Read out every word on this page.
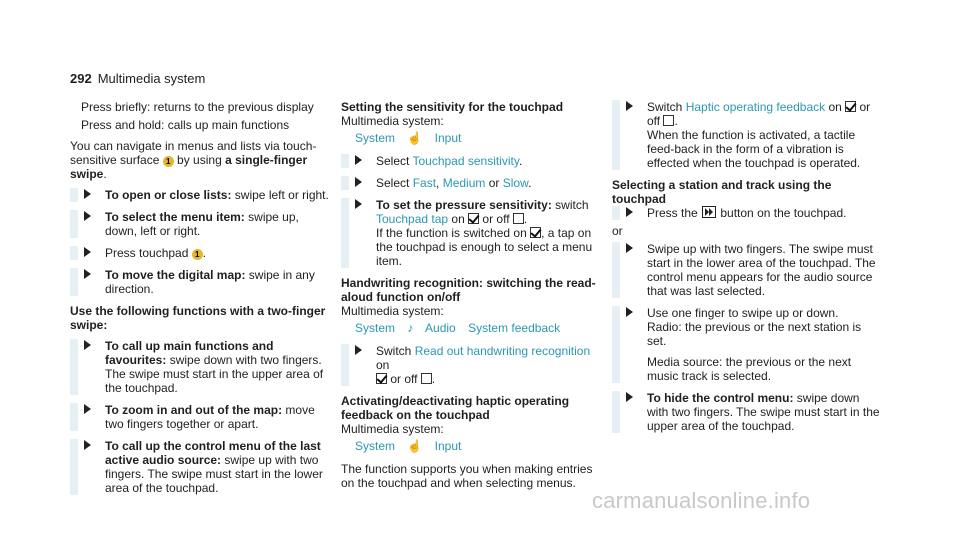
292 Multimedia system

Press briefly: returns to the previous display

Press and hold: calls up main functions

You can navigate in menus and lists via touch-sensitive surface 1 by using a single-finger swipe.

To open or close lists: swipe left or right.
To select the menu item: swipe up, down, left or right.
Press touchpad 1 .
To move the digital map: swipe in any direction.

Use the following functions with a two-finger swipe:

To call up main functions and favourites: swipe down with two fingers. The swipe must start in the upper area of the touchpad.
To zoom in and out of the map: move two fingers together or apart.
To call up the control menu of the last active audio source: swipe up with two fingers. The swipe must start in the lower area of the touchpad.

Setting the sensitivity for the touchpad

Multimedia system:

System ☝ Input
Select Touchpad sensitivity.
Select Fast, Medium or Slow.
To set the pressure sensitivity: switch Touchpad tap on  or off .
If the function is switched on , a tap on the touchpad is enough to select a menu item.

Handwriting recognition: switching the read-aloud function on/off

Multimedia system:

System ♪ Audio System feedback
Switch Read out handwriting recognition on
or off .

Activating/deactivating haptic operating feedback on the touchpad

Multimedia system:

System ☝ Input

The function supports you when making entries on the touchpad and when selecting menus.

Switch Haptic operating feedback on  or off .
When the function is activated, a tactile feed-back in the form of a vibration is effected when the touchpad is operated.

Selecting a station and track using the touchpad

Press the  button on the touchpad.

or

Swipe up with two fingers. The swipe must start in the lower area of the touchpad. The control menu appears for the audio source that was last selected.
Use one finger to swipe up or down.
Radio: the previous or the next station is set.
Media source: the previous or the next music track is selected.
To hide the control menu: swipe down with two fingers. The swipe must start in the upper area of the touchpad.
carmanualsonline.info
